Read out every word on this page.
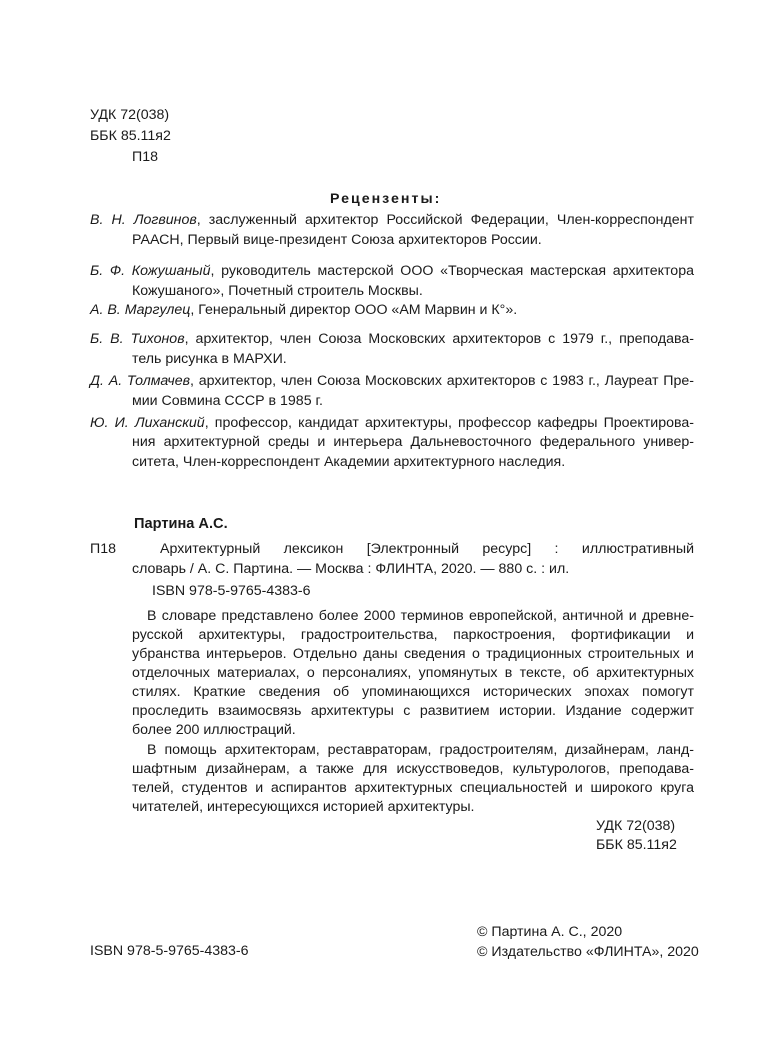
УДК 72(038)
ББК 85.11я2
П18
Рецензенты:
В. Н. Логвинов, заслуженный архитектор Российской Федерации, Член-корреспондент
РААСН, Первый вице-президент Союза архитекторов России.
Б. Ф. Кожушаный, руководитель мастерской ООО «Творческая мастерская архитектора
Кожушаного», Почетный строитель Москвы.
А. В. Маргулец, Генеральный директор ООО «АМ Марвин и К°».
Б. В. Тихонов, архитектор, член Союза Московских архитекторов с 1979 г., преподава-
тель рисунка в МАРХИ.
Д. А. Толмачев, архитектор, член Союза Московских архитекторов с 1983 г., Лауреат Пре-
мии Совмина СССР в 1985 г.
Ю. И. Лиханский, профессор, кандидат архитектуры, профессор кафедры Проектирова-
ния архитектурной среды и интерьера Дальневосточного федерального универ-
ситета, Член-корреспондент Академии архитектурного наследия.
Партина А.С.
П18	Архитектурный лексикон [Электронный ресурс] : иллюстративный
словарь / А. С. Партина. — Москва : ФЛИНТА, 2020. — 880 с. : ил.
ISBN 978-5-9765-4383-6
В словаре представлено более 2000 терминов европейской, античной и древне-
русской архитектуры, градостроительства, паркостроения, фортификации и
убранства интерьеров. Отдельно даны сведения о традиционных строительных и
отделочных материалах, о персоналиях, упомянутых в тексте, об архитектурных
стилях. Краткие сведения об упоминающихся исторических эпохах помогут
проследить взаимосвязь архитектуры с развитием истории. Издание содержит
более 200 иллюстраций.
В помощь архитекторам, реставраторам, градостроителям, дизайнерам, ланд-
шафтным дизайнерам, а также для искусствоведов, культурологов, преподава-
телей, студентов и аспирантов архитектурных специальностей и широкого круга
читателей, интересующихся историей архитектуры.
УДК 72(038)
ББК 85.11я2
ISBN 978-5-9765-4383-6
© Партина А. С., 2020
© Издательство «ФЛИНТА», 2020
